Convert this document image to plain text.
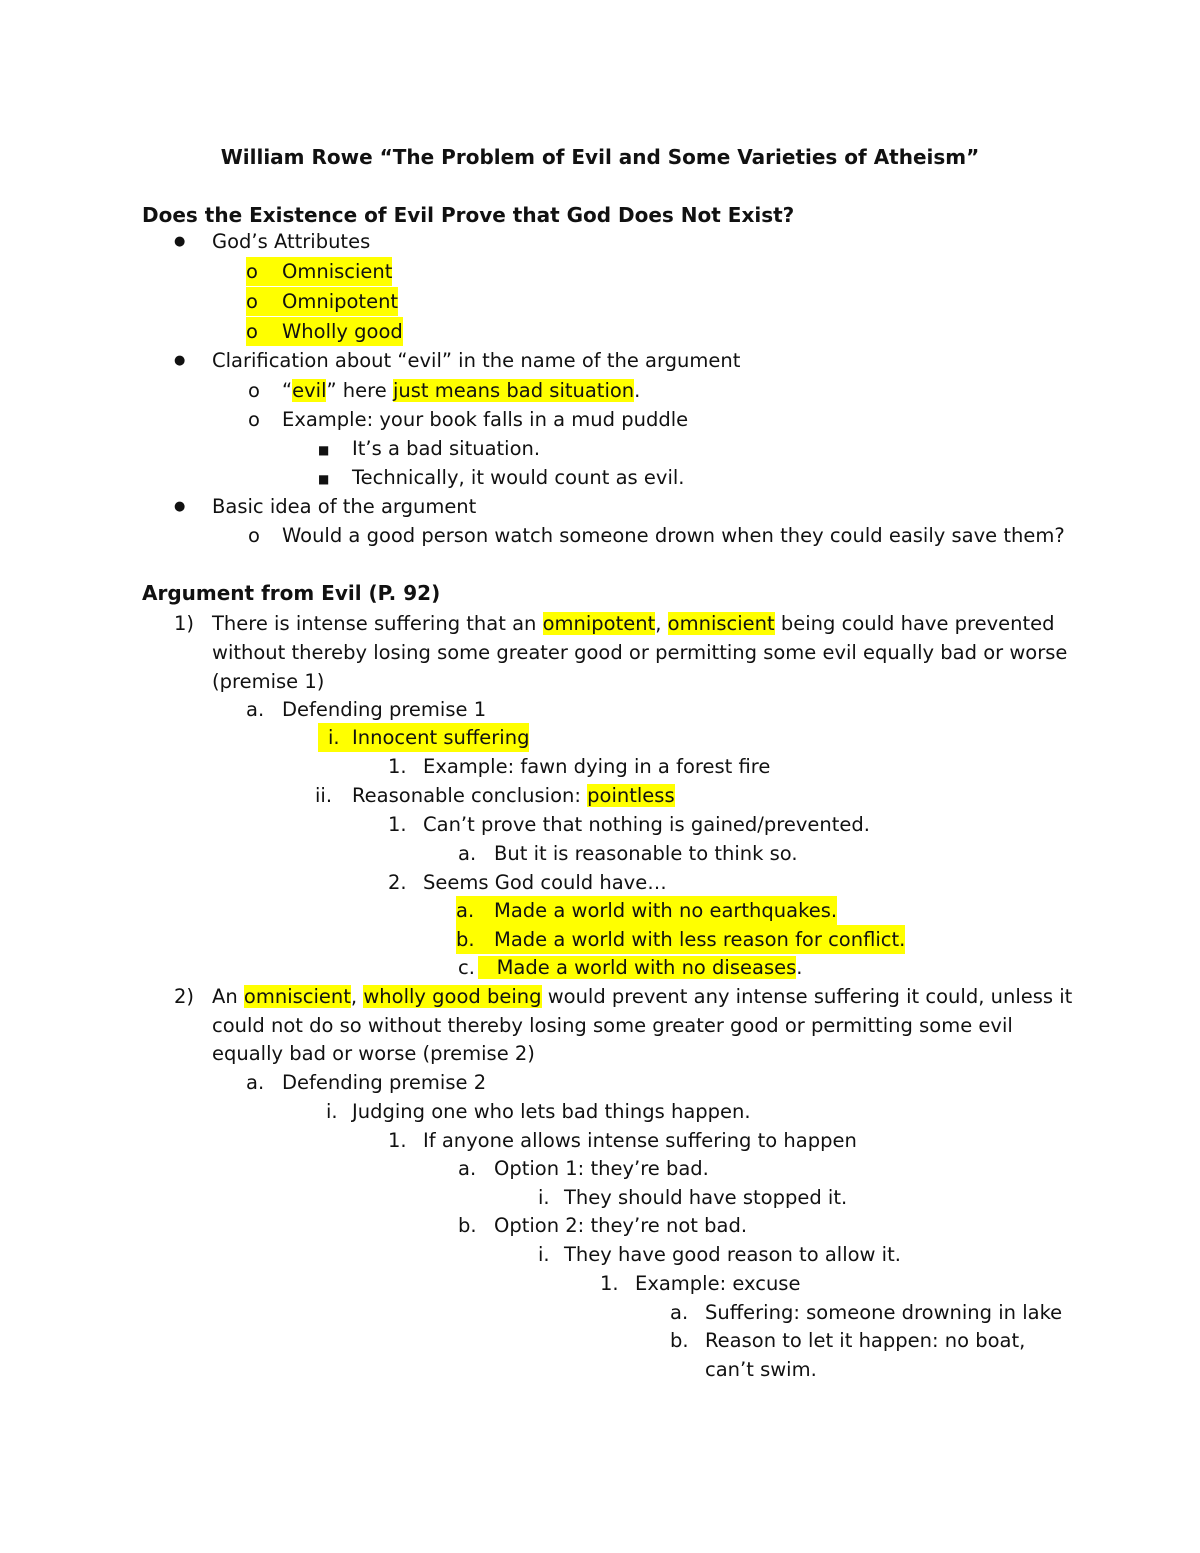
William Rowe “The Problem of Evil and Some Varieties of Atheism”
Does the Existence of Evil Prove that God Does Not Exist?
● God’s Attributes
o Omniscient
o Omnipotent
o Wholly good
● Clarification about “evil” in the name of the argument
o “evil” here just means bad situation.
o Example: your book falls in a mud puddle
■ It’s a bad situation.
■ Technically, it would count as evil.
● Basic idea of the argument
o Would a good person watch someone drown when they could easily save them?
Argument from Evil (P. 92)
1) There is intense suffering that an omnipotent, omniscient being could have prevented
without thereby losing some greater good or permitting some evil equally bad or worse
(premise 1)
a. Defending premise 1
i. Innocent suffering
1. Example: fawn dying in a forest fire
ii. Reasonable conclusion: pointless
1. Can’t prove that nothing is gained/prevented.
a. But it is reasonable to think so.
2. Seems God could have…
a.	Made a world with no earthquakes.
b. Made a world with less reason for conflict.
c.	Made a world with no diseases.
2) An omniscient, wholly good being would prevent any intense suffering it could, unless it
could not do so without thereby losing some greater good or permitting some evil
equally bad or worse (premise 2)
a. Defending premise 2
i. Judging one who lets bad things happen.
1. If anyone allows intense suffering to happen
a. Option 1: they’re bad.
i. They should have stopped it.
b. Option 2: they’re not bad.
i. They have good reason to allow it.
1. Example: excuse
a. Suffering: someone drowning in lake
b. Reason to let it happen: no boat,
can’t swim.
